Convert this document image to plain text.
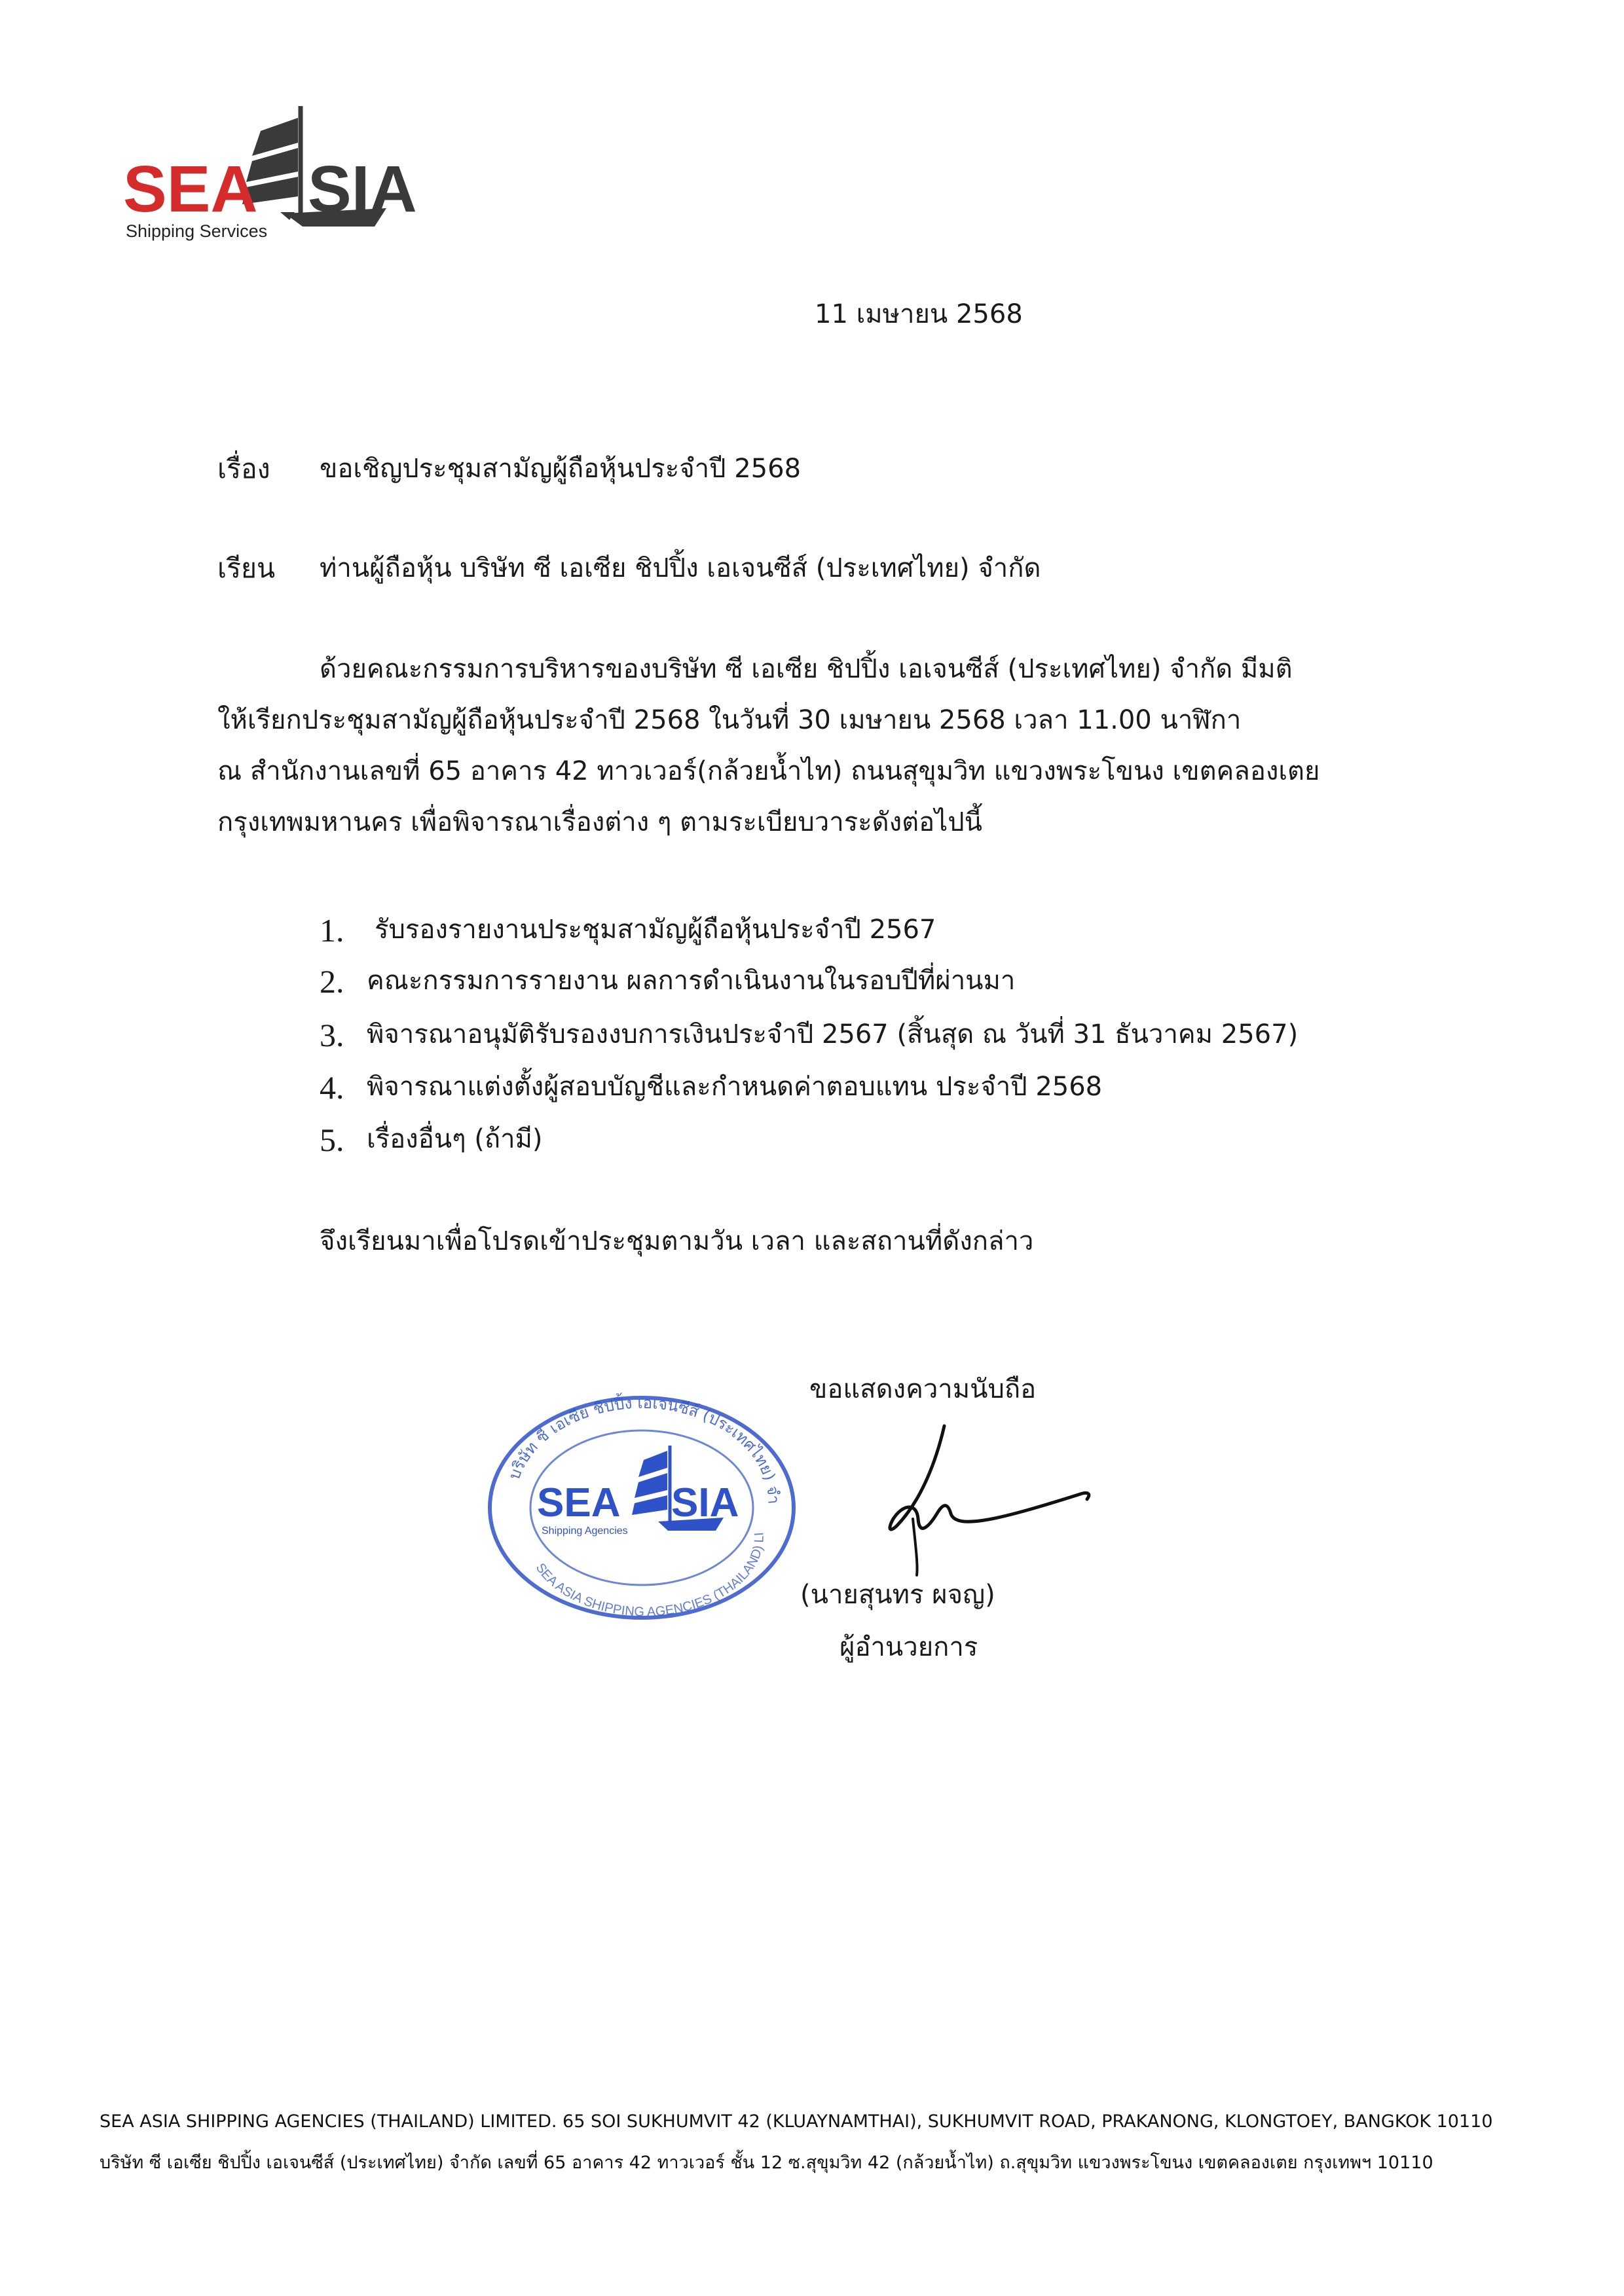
SEA SIA
Shipping Services
11 เมษายน 2568
เรื่อง ขอเชิญประชุมสามัญผู้ถือหุ้นประจำปี 2568
เรียน ท่านผู้ถือหุ้น บริษัท ซี เอเซีย ชิปปิ้ง เอเจนซีส์ (ประเทศไทย) จำกัด
ด้วยคณะกรรมการบริหารของบริษัท ซี เอเซีย ชิปปิ้ง เอเจนซีส์ (ประเทศไทย) จำกัด มีมติ
ให้เรียกประชุมสามัญผู้ถือหุ้นประจำปี 2568 ในวันที่ 30 เมษายน 2568 เวลา 11.00 นาฬิกา
ณ สำนักงานเลขที่ 65 อาคาร 42 ทาวเวอร์(กล้วยน้ำไท) ถนนสุขุมวิท แขวงพระโขนง เขตคลองเตย
กรุงเทพมหานคร เพื่อพิจารณาเรื่องต่าง ๆ ตามระเบียบวาระดังต่อไปนี้
1. รับรองรายงานประชุมสามัญผู้ถือหุ้นประจำปี 2567
2. คณะกรรมการรายงาน ผลการดำเนินงานในรอบปีที่ผ่านมา
3. พิจารณาอนุมัติรับรองงบการเงินประจำปี 2567 (สิ้นสุด ณ วันที่ 31 ธันวาคม 2567)
4. พิจารณาแต่งตั้งผู้สอบบัญชีและกำหนดค่าตอบแทน ประจำปี 2568
5. เรื่องอื่นๆ (ถ้ามี)
จึงเรียนมาเพื่อโปรดเข้าประชุมตามวัน เวลา และสถานที่ดังกล่าว
ขอแสดงความนับถือ
บริษัท ซี เอเซีย ชิปปิ้ง เอเจนซีส์ (ประเทศไทย) จำ
SEA ASIA SHIPPING AGENCIES (THAILAND) LI
SEA SIA
Shipping Agencies
(นายสุนทร ผจญ)
ผู้อำนวยการ
SEA ASIA SHIPPING AGENCIES (THAILAND) LIMITED. 65 SOI SUKHUMVIT 42 (KLUAYNAMTHAI), SUKHUMVIT ROAD, PRAKANONG, KLONGTOEY, BANGKOK 10110
บริษัท ซี เอเซีย ชิปปิ้ง เอเจนซีส์ (ประเทศไทย) จำกัด เลขที่ 65 อาคาร 42 ทาวเวอร์ ชั้น 12 ซ.สุขุมวิท 42 (กล้วยน้ำไท) ถ.สุขุมวิท แขวงพระโขนง เขตคลองเตย กรุงเทพฯ 10110
